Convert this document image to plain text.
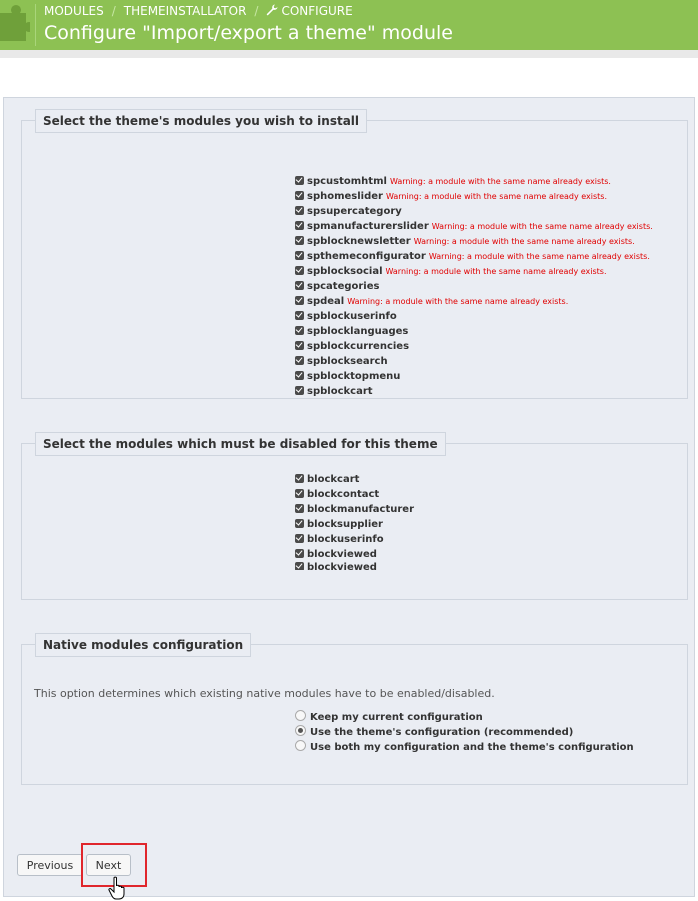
MODULES / THEMEINSTALLATOR / CONFIGURE
Configure "Import/export a theme" module
Select the theme's modules you wish to install
spcustomhtml Warning: a module with the same name already exists.
sphomeslider Warning: a module with the same name already exists.
spsupercategory
spmanufacturerslider Warning: a module with the same name already exists.
spblocknewsletter Warning: a module with the same name already exists.
spthemeconfigurator Warning: a module with the same name already exists.
spblocksocial Warning: a module with the same name already exists.
spcategories
spdeal Warning: a module with the same name already exists.
spblockuserinfo
spblocklanguages
spblockcurrencies
spblocksearch
spblocktopmenu
spblockcart
Select the modules which must be disabled for this theme
blockcart
blockcontact
blockmanufacturer
blocksupplier
blockuserinfo
blockviewed
blockviewed
Native modules configuration
This option determines which existing native modules have to be enabled/disabled.
Keep my current configuration
Use the theme's configuration (recommended)
Use both my configuration and the theme's configuration
Previous	Next
